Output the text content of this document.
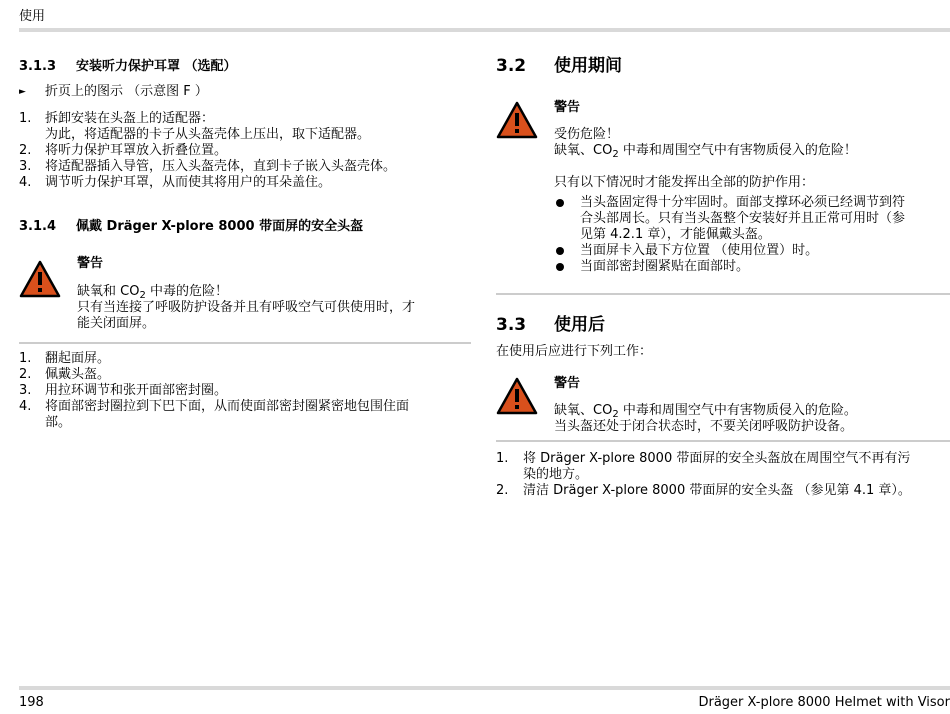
使用
198	Dräger X-plore 8000 Helmet with Visor
3.1.3 安装听力保护耳罩 （选配）
► 折页上的图示 （示意图 F ）
1. 拆卸安装在头盔上的适配器：
为此，将适配器的卡子从头盔壳体上压出，取下适配器。
2. 将听力保护耳罩放入折叠位置。
3. 将适配器插入导管，压入头盔壳体，直到卡子嵌入头盔壳体。
4. 调节听力保护耳罩，从而使其将用户的耳朵盖住。
3.1.4 佩戴 Dräger X-plore 8000 带面屏的安全头盔
警告
缺氧和 $CO_2$ 中毒的危险！
只有当连接了呼吸防护设备并且有呼吸空气可供使用时，才
能关闭面屏。
1. 翻起面屏。
2. 佩戴头盔。
3. 用拉环调节和张开面部密封圈。
4. 将面部密封圈拉到下巴下面，从而使面部密封圈紧密地包围住面
部。
3.2 使用期间
警告
受伤危险！
缺氧、$CO_2$ 中毒和周围空气中有害物质侵入的危险！
只有以下情况时才能发挥出全部的防护作用：
当头盔固定得十分牢固时。面部支撑环必须已经调节到符
合头部周长。只有当头盔整个安装好并且正常可用时（参
见第 4.2.1 章），才能佩戴头盔。
当面屏卡入最下方位置 （使用位置）时。
当面部密封圈紧贴在面部时。
3.3 使用后
在使用后应进行下列工作：
警告
缺氧、$CO_2$ 中毒和周围空气中有害物质侵入的危险。
当头盔还处于闭合状态时，不要关闭呼吸防护设备。
1. 将 Dräger X-plore 8000 带面屏的安全头盔放在周围空气不再有污
染的地方。
2. 清洁 Dräger X-plore 8000 带面屏的安全头盔 （参见第 4.1 章）。
